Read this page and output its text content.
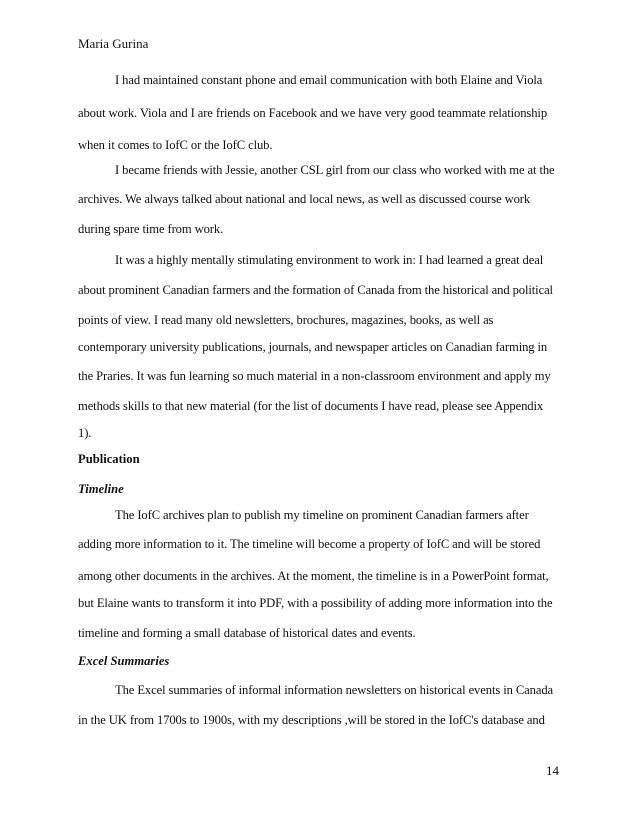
Maria Gurina
I had maintained constant phone and email communication with both Elaine and Viola
about work. Viola and I are friends on Facebook and we have very good teammate relationship
when it comes to IofC or the IofC club.
I became friends with Jessie, another CSL girl from our class who worked with me at the
archives. We always talked about national and local news, as well as discussed course work
during spare time from work.
It was a highly mentally stimulating environment to work in: I had learned a great deal
about prominent Canadian farmers and the formation of Canada from the historical and political
points of view. I read many old newsletters, brochures, magazines, books, as well as
contemporary university publications, journals, and newspaper articles on Canadian farming in
the Praries. It was fun learning so much material in a non-classroom environment and apply my
methods skills to that new material (for the list of documents I have read, please see Appendix
1).
Publication
Timeline
The IofC archives plan to publish my timeline on prominent Canadian farmers after
adding more information to it. The timeline will become a property of IofC and will be stored
among other documents in the archives. At the moment, the timeline is in a PowerPoint format,
but Elaine wants to transform it into PDF, with a possibility of adding more information into the
timeline and forming a small database of historical dates and events.
Excel Summaries
The Excel summaries of informal information newsletters on historical events in Canada
in the UK from 1700s to 1900s, with my descriptions ,will be stored in the IofC's database and
14
